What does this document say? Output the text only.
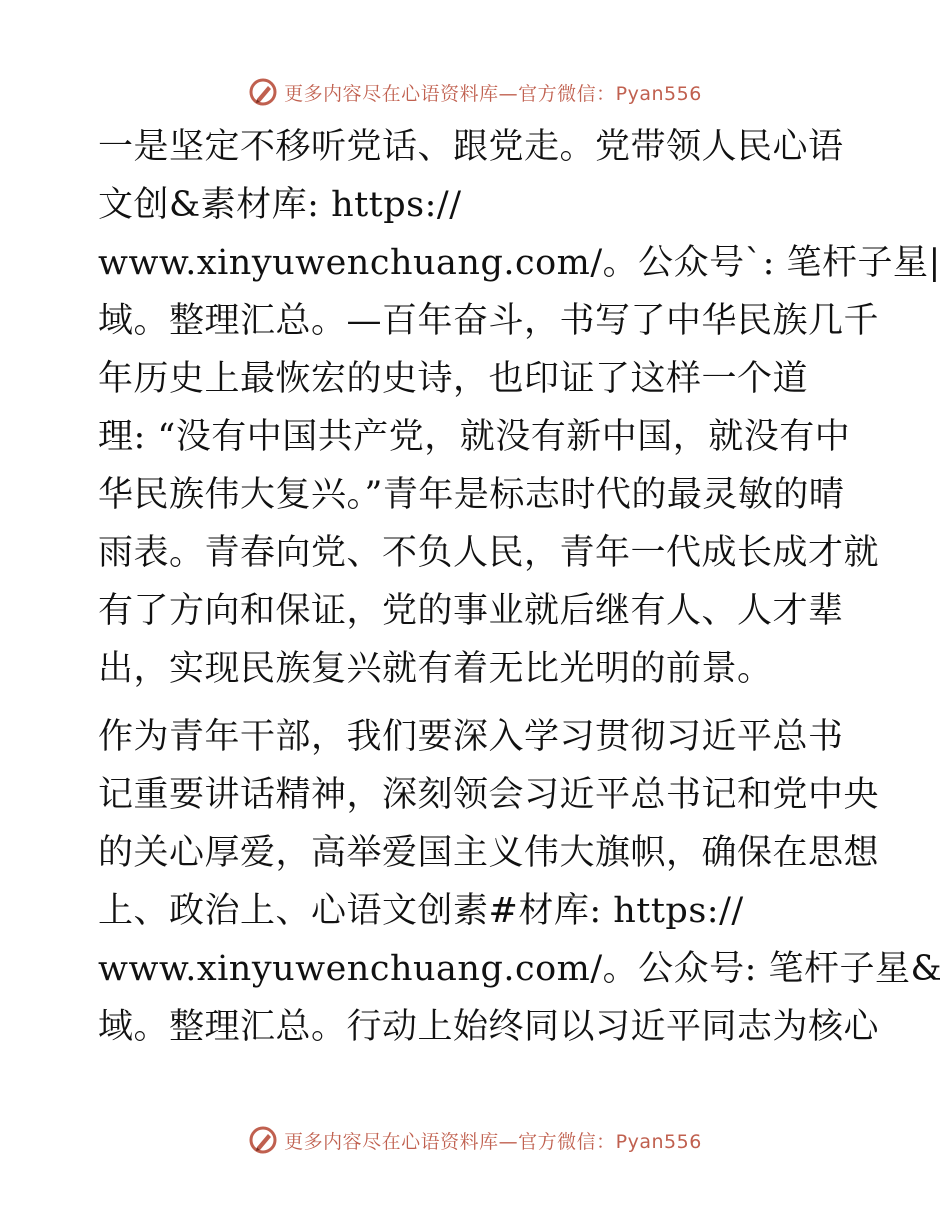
更多内容尽在心语资料库—官方微信：Pyan556
一是坚定不移听党话、跟党走。党带领人民心语
文创&素材库: https://
www.xinyuwenchuang.com/。公众号`: 笔杆子星|
域。整理汇总。—百年奋斗，书写了中华民族几千
年历史上最恢宏的史诗，也印证了这样一个道
理: “没有中国共产党，就没有新中国，就没有中
华民族伟大复兴。”青年是标志时代的最灵敏的晴
雨表。青春向党、不负人民，青年一代成长成才就
有了方向和保证，党的事业就后继有人、人才辈
出，实现民族复兴就有着无比光明的前景。
作为青年干部，我们要深入学习贯彻习近平总书
记重要讲话精神，深刻领会习近平总书记和党中央
的关心厚爱，高举爱国主义伟大旗帜，确保在思想
上、政治上、心语文创素#材库: https://
www.xinyuwenchuang.com/。公众号: 笔杆子星&
域。整理汇总。行动上始终同以习近平同志为核心
更多内容尽在心语资料库—官方微信：Pyan556
